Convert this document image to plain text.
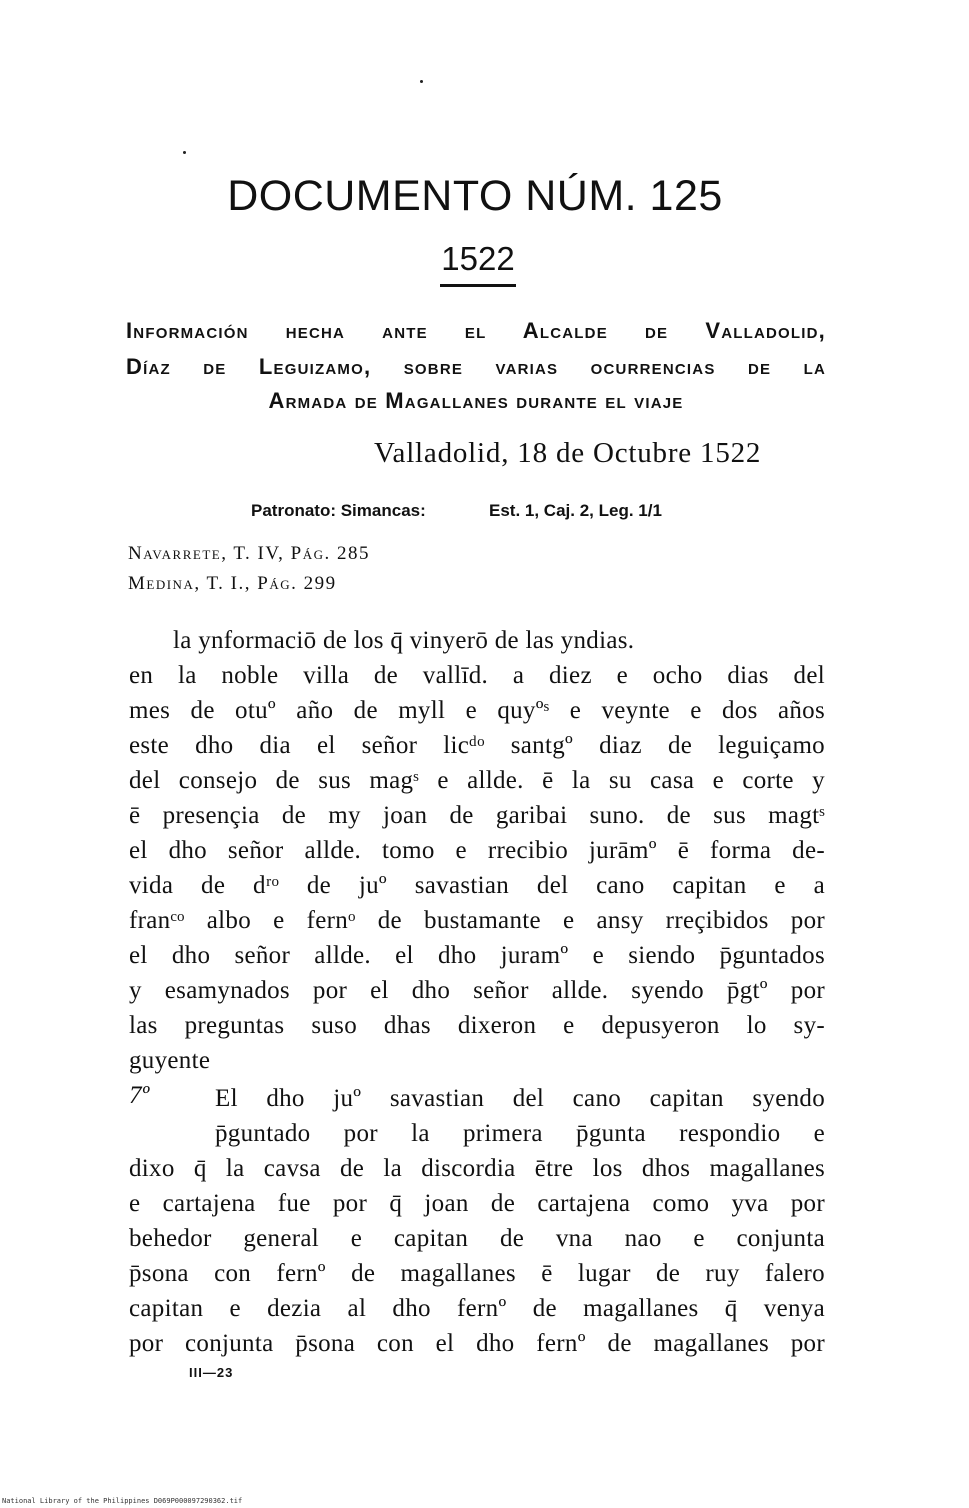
DOCUMENTO NÚM. 125
1522
Información hecha ante el Alcalde de Valladolid,
Díaz de Leguizamo, sobre varias ocurrencias de la
Armada de Magallanes durante el viaje
Valladolid, 18 de Octubre 1522
Patronato: Simancas:	Est. 1, Caj. 2, Leg. 1/1
Navarrete, T. IV, Pág. 285
Medina, T. I., Pág. 299
la ynformaciō de los q̄ vinyerō de las yndias.
en la noble villa de vallīd. a diez e ocho dias del
mes de otuº año de myll e quyºˢ e veynte e dos años
este dho dia el señor licᵈᵒ santgº diaz de leguiçamo
del consejo de sus magˢ e allde. ē la su casa e corte y
ē presençia de my joan de garibai suno. de sus magtˢ
el dho señor allde. tomo e rrecibio jurāmº ē forma de-
vida de dʳᵒ de juº savastian del cano capitan e a
franᶜᵒ albo e fernᵒ de bustamante e ansy rreçibidos por
el dho señor allde. el dho juramº e siendo p̄guntados
y esamynados por el dho señor allde. syendo p̄gtº por
las preguntas suso dhas dixeron e depusyeron lo sy-
guyente
7º	El dho juº savastian del cano capitan syendo
p̄guntado por la primera p̄gunta respondio e
dixo q̄ la cavsa de la discordia ētre los dhos magallanes
e cartajena fue por q̄ joan de cartajena como yva por
behedor general e capitan de vna nao e conjunta
p̄sona con fernº de magallanes ē lugar de ruy falero
capitan e dezia al dho fernº de magallanes q̄ venya
por conjunta p̄sona con el dho fernº de magallanes por
III—23
National Library of the Philippines D069P000097290362.tif
